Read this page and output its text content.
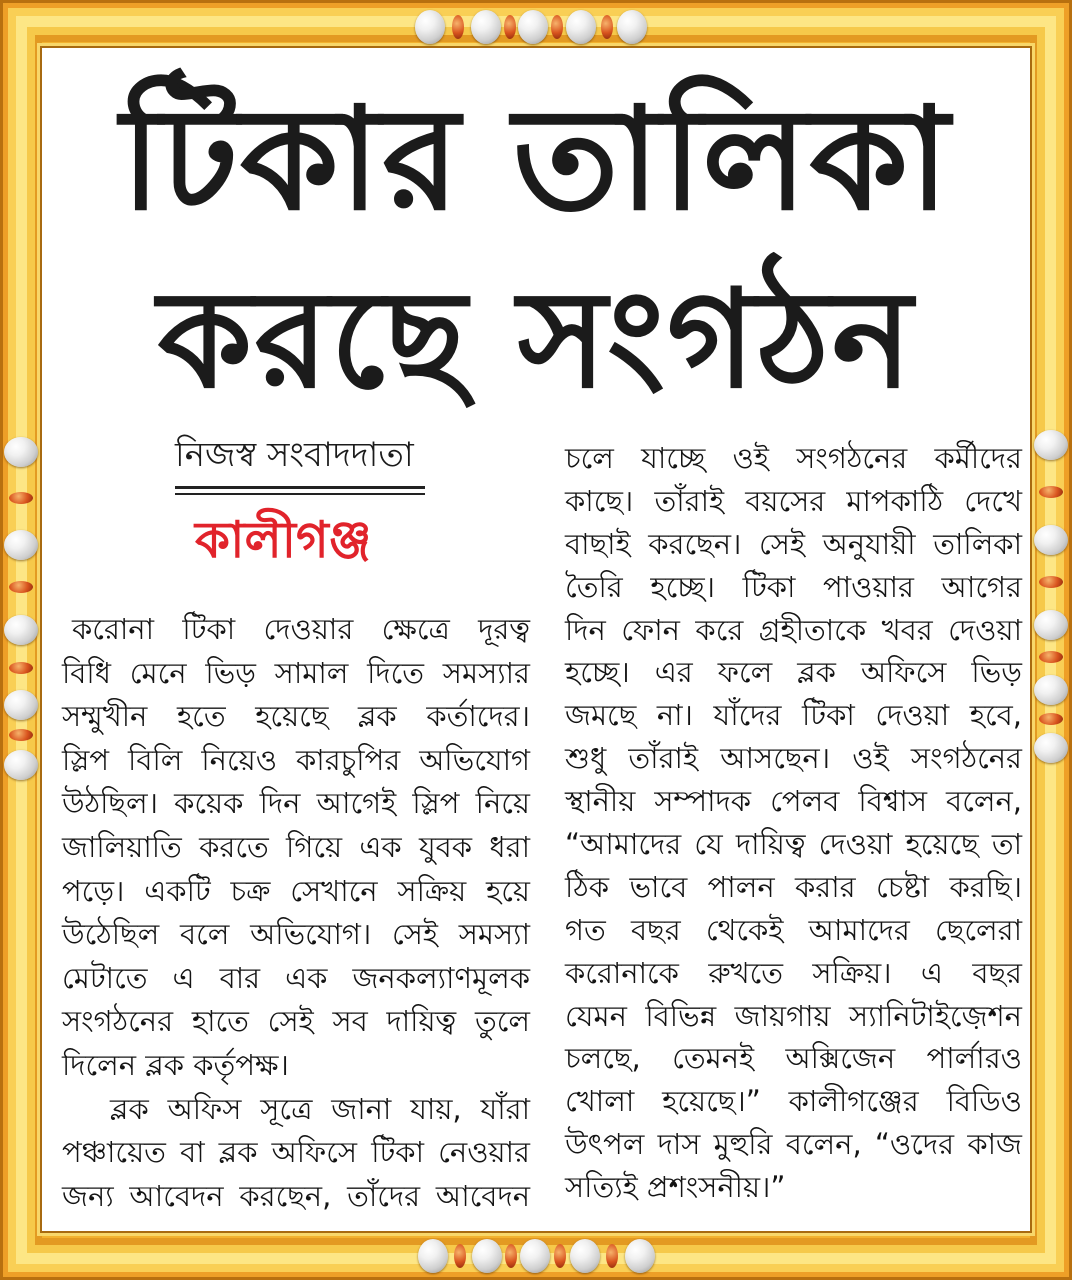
টিকার তালিকা
করছে সংগঠন
নিজস্ব সংবাদদাতা
কালীগঞ্জ
করোনা টিকা দেওয়ার ক্ষেত্রে দূরত্ব
বিধি মেনে ভিড় সামাল দিতে সমস্যার
সম্মুখীন হতে হয়েছে ব্লক কর্তাদের।
স্লিপ বিলি নিয়েও কারচুপির অভিযোগ
উঠছিল। কয়েক দিন আগেই স্লিপ নিয়ে
জালিয়াতি করতে গিয়ে এক যুবক ধরা
পড়ে। একটি চক্র সেখানে সক্রিয় হয়ে
উঠেছিল বলে অভিযোগ। সেই সমস্যা
মেটাতে এ বার এক জনকল্যাণমূলক
সংগঠনের হাতে সেই সব দায়িত্ব তুলে
দিলেন ব্লক কর্তৃপক্ষ।
ব্লক অফিস সূত্রে জানা যায়, যাঁরা
পঞ্চায়েত বা ব্লক অফিসে টিকা নেওয়ার
জন্য আবেদন করছেন, তাঁদের আবেদন
চলে যাচ্ছে ওই সংগঠনের কর্মীদের
কাছে। তাঁরাই বয়সের মাপকাঠি দেখে
বাছাই করছেন। সেই অনুযায়ী তালিকা
তৈরি হচ্ছে। টিকা পাওয়ার আগের
দিন ফোন করে গ্রহীতাকে খবর দেওয়া
হচ্ছে। এর ফলে ব্লক অফিসে ভিড়
জমছে না। যাঁদের টিকা দেওয়া হবে,
শুধু তাঁরাই আসছেন। ওই সংগঠনের
স্থানীয় সম্পাদক পেলব বিশ্বাস বলেন,
“আমাদের যে দায়িত্ব দেওয়া হয়েছে তা
ঠিক ভাবে পালন করার চেষ্টা করছি।
গত বছর থেকেই আমাদের ছেলেরা
করোনাকে রুখতে সক্রিয়। এ বছর
যেমন বিভিন্ন জায়গায় স্যানিটাইজ়েশন
চলছে, তেমনই অক্সিজেন পার্লারও
খোলা হয়েছে।” কালীগঞ্জের বিডিও
উৎপল দাস মুহুরি বলেন, “ওদের কাজ
সত্যিই প্রশংসনীয়।”
